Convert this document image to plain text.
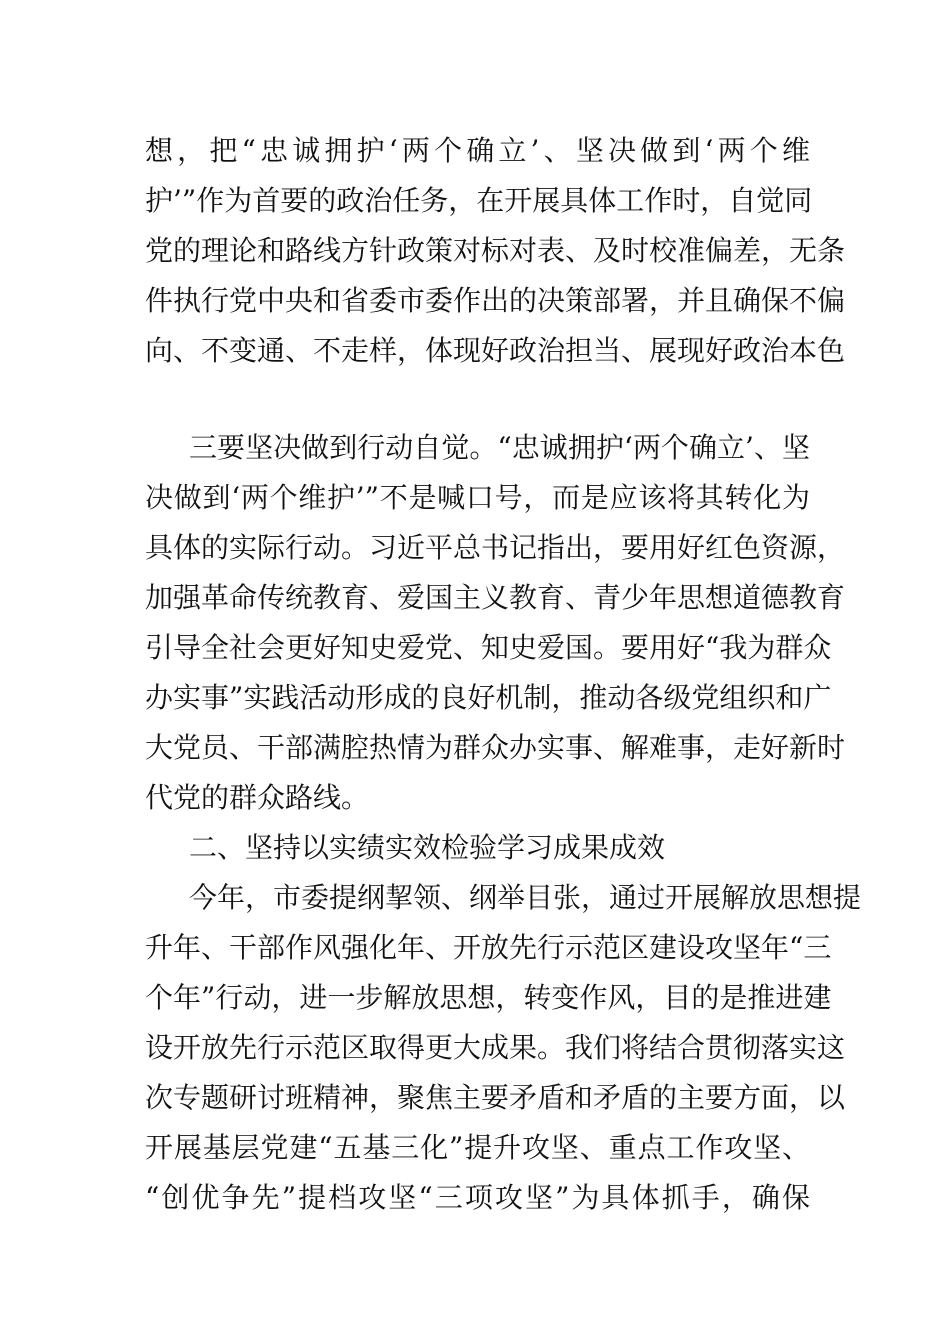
想，把“忠诚拥护‘两个确立’、坚决做到‘两个维
护’”作为首要的政治任务，在开展具体工作时，自觉同
党的理论和路线方针政策对标对表、及时校准偏差，无条
件执行党中央和省委市委作出的决策部署，并且确保不偏
向、不变通、不走样，体现好政治担当、展现好政治本色
三要坚决做到行动自觉。“忠诚拥护‘两个确立’、坚
决做到‘两个维护’”不是喊口号，而是应该将其转化为
具体的实际行动。习近平总书记指出，要用好红色资源，
加强革命传统教育、爱国主义教育、青少年思想道德教育
引导全社会更好知史爱党、知史爱国。要用好“我为群众
办实事”实践活动形成的良好机制，推动各级党组织和广
大党员、干部满腔热情为群众办实事、解难事，走好新时
代党的群众路线。
二、坚持以实绩实效检验学习成果成效
今年，市委提纲挈领、纲举目张，通过开展解放思想提
升年、干部作风强化年、开放先行示范区建设攻坚年“三
个年”行动，进一步解放思想，转变作风，目的是推进建
设开放先行示范区取得更大成果。我们将结合贯彻落实这
次专题研讨班精神，聚焦主要矛盾和矛盾的主要方面，以
开展基层党建“五基三化”提升攻坚、重点工作攻坚、
“创优争先”提档攻坚“三项攻坚”为具体抓手，确保
